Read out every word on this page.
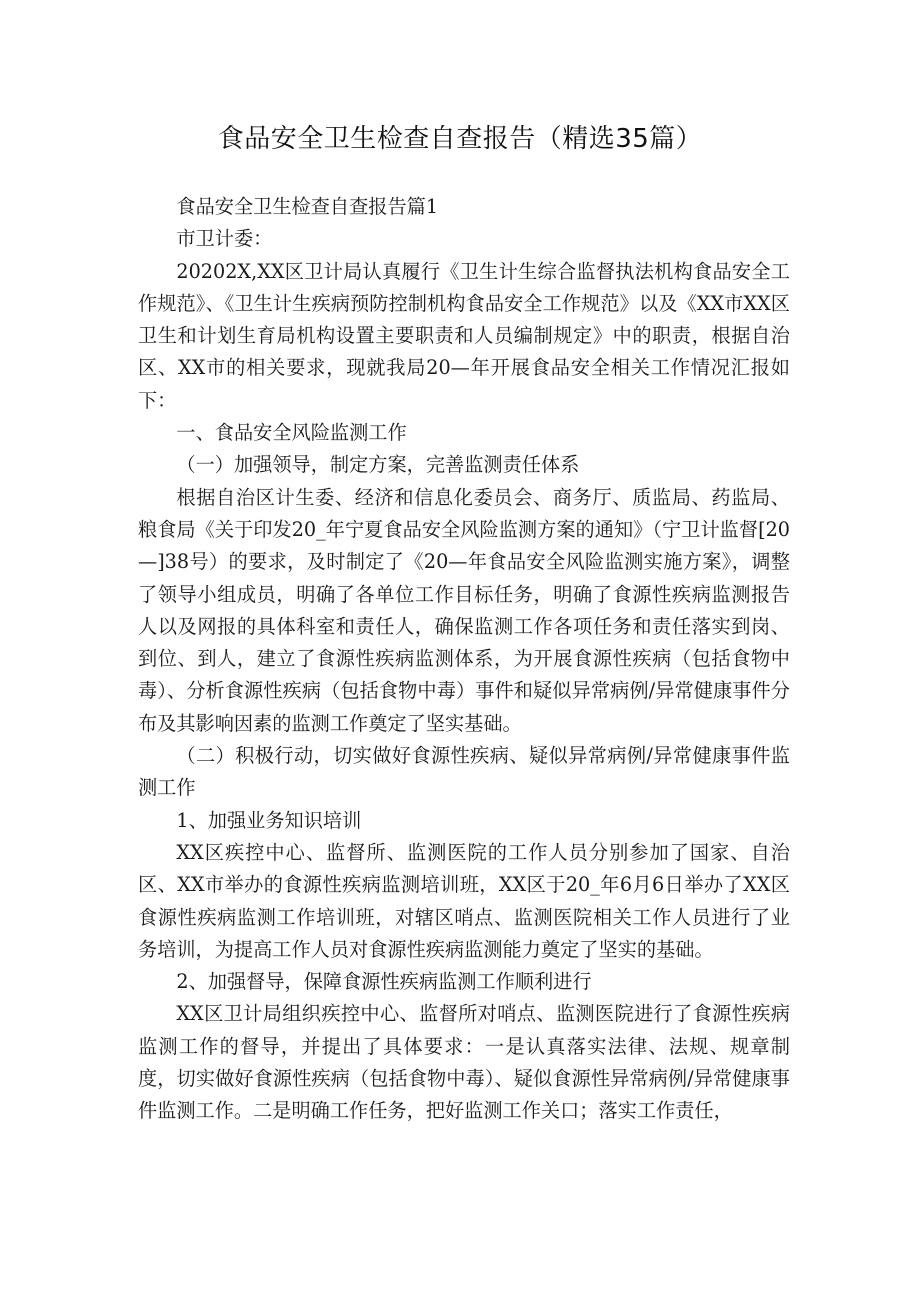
食品安全卫生检查自查报告（精选35篇）

食品安全卫生检查自查报告篇1

市卫计委：

20202X,XX区卫计局认真履行《卫生计生综合监督执法机构食品安全工作规范》、《卫生计生疾病预防控制机构食品安全工作规范》以及《XX市XX区卫生和计划生育局机构设置主要职责和人员编制规定》中的职责，根据自治区、XX市的相关要求，现就我局20—年开展食品安全相关工作情况汇报如下：

一、食品安全风险监测工作

（一）加强领导，制定方案，完善监测责任体系

根据自治区计生委、经济和信息化委员会、商务厅、质监局、药监局、粮食局《关于印发20_年宁夏食品安全风险监测方案的通知》（宁卫计监督[20—]38号）的要求，及时制定了《20—年食品安全风险监测实施方案》，调整了领导小组成员，明确了各单位工作目标任务，明确了食源性疾病监测报告人以及网报的具体科室和责任人，确保监测工作各项任务和责任落实到岗、到位、到人，建立了食源性疾病监测体系，为开展食源性疾病（包括食物中毒）、分析食源性疾病（包括食物中毒）事件和疑似异常病例/异常健康事件分布及其影响因素的监测工作奠定了坚实基础。

（二）积极行动，切实做好食源性疾病、疑似异常病例/异常健康事件监测工作

1、加强业务知识培训

XX区疾控中心、监督所、监测医院的工作人员分别参加了国家、自治区、XX市举办的食源性疾病监测培训班，XX区于20_年6月6日举办了XX区食源性疾病监测工作培训班，对辖区哨点、监测医院相关工作人员进行了业务培训，为提高工作人员对食源性疾病监测能力奠定了坚实的基础。

2、加强督导，保障食源性疾病监测工作顺利进行

XX区卫计局组织疾控中心、监督所对哨点、监测医院进行了食源性疾病监测工作的督导，并提出了具体要求：一是认真落实法律、法规、规章制度，切实做好食源性疾病（包括食物中毒）、疑似食源性异常病例/异常健康事件监测工作。二是明确工作任务，把好监测工作关口；落实工作责任，
